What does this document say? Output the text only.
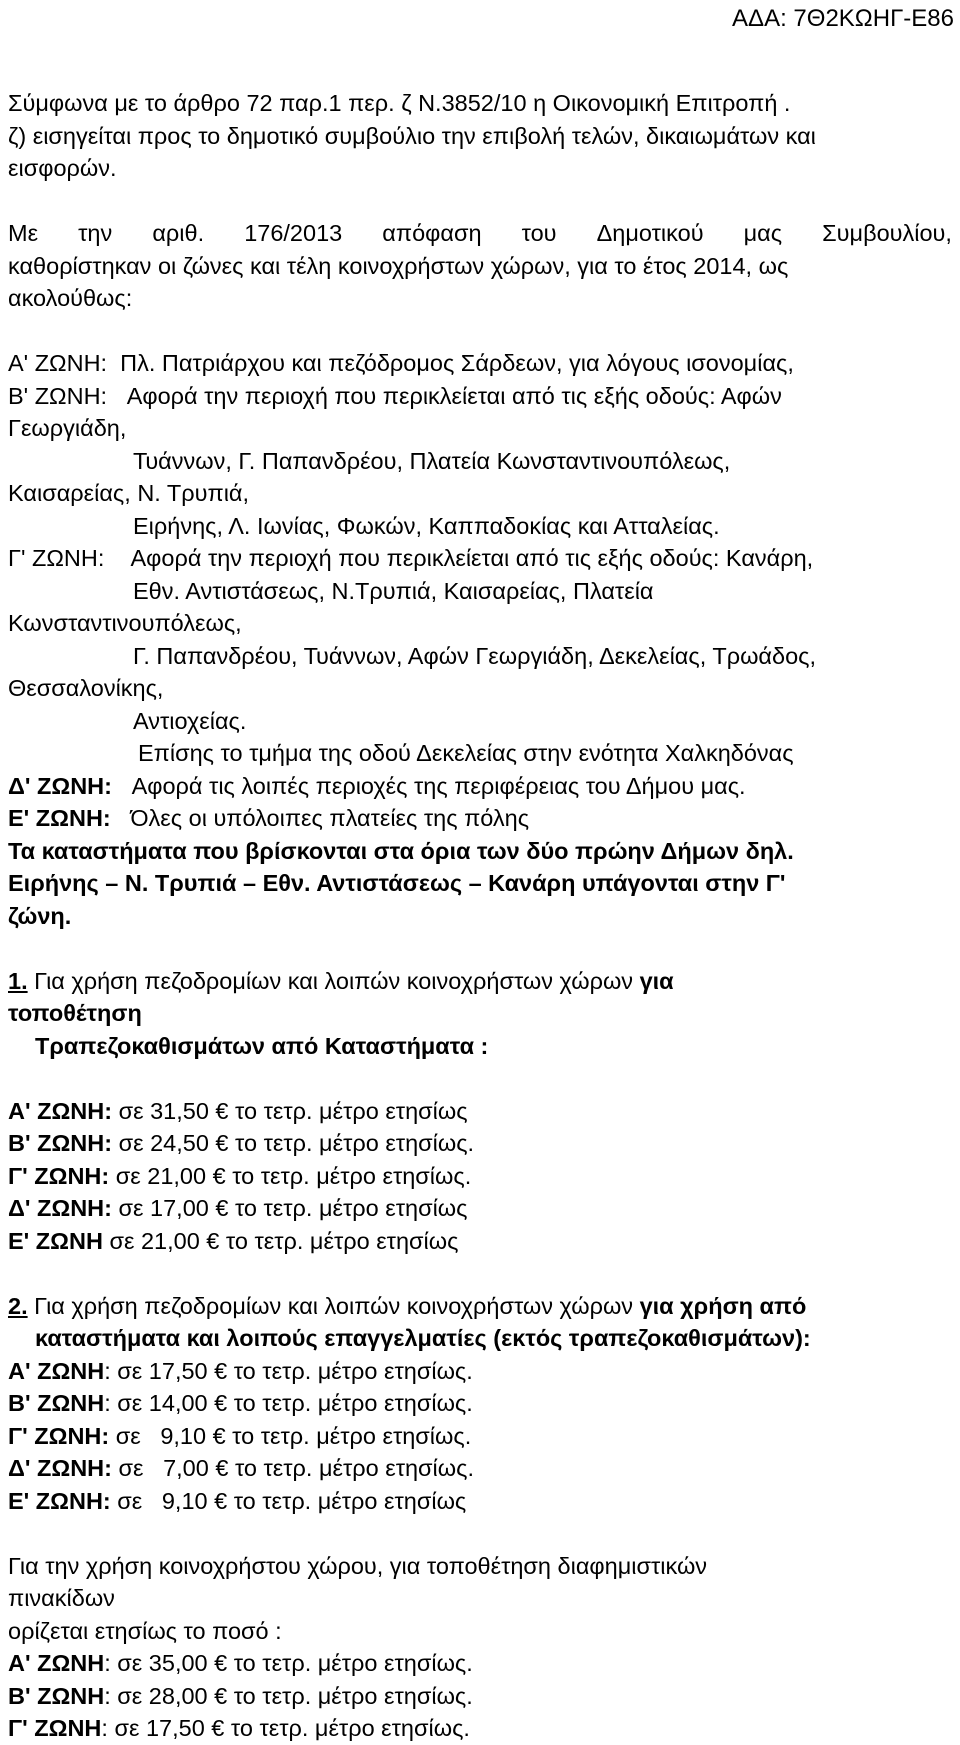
ΑΔΑ: 7Θ2ΚΩΗΓ-Ε86
Σύμφωνα με το άρθρο 72 παρ.1 περ. ζ Ν.3852/10 η Οικονομική Επιτροπή .
ζ) εισηγείται προς το δημοτικό συμβούλιο την επιβολή τελών, δικαιωμάτων και
εισφορών.
Με την αριθ. 176/2013 απόφαση του Δημοτικού μας Συμβουλίου,
καθορίστηκαν οι ζώνες και τέλη κοινοχρήστων χώρων, για το έτος 2014, ως
ακολούθως:
Α' ΖΩΝΗ: Πλ. Πατριάρχου και πεζόδρομος Σάρδεων, για λόγους ισονομίας,
Β' ΖΩΝΗ: Αφορά την περιοχή που περικλείεται από τις εξής οδούς: Αφών
Γεωργιάδη,
Τυάννων, Γ. Παπανδρέου, Πλατεία Κωνσταντινουπόλεως,
Καισαρείας, Ν. Τρυπιά,
Ειρήνης, Λ. Ιωνίας, Φωκών, Καππαδοκίας και Ατταλείας.
Γ' ΖΩΝΗ: Αφορά την περιοχή που περικλείεται από τις εξής οδούς: Κανάρη,
Εθν. Αντιστάσεως, Ν.Τρυπιά, Καισαρείας, Πλατεία
Κωνσταντινουπόλεως,
Γ. Παπανδρέου, Τυάννων, Αφών Γεωργιάδη, Δεκελείας, Τρωάδος,
Θεσσαλονίκης,
Αντιοχείας.
Επίσης το τμήμα της οδού Δεκελείας στην ενότητα Χαλκηδόνας
Δ' ΖΩΝΗ: Αφορά τις λοιπές περιοχές της περιφέρειας του Δήμου μας.
Ε' ΖΩΝΗ: Όλες οι υπόλοιπες πλατείες της πόλης
Τα καταστήματα που βρίσκονται στα όρια των δύο πρώην Δήμων δηλ.
Ειρήνης – Ν. Τρυπιά – Εθν. Αντιστάσεως – Κανάρη υπάγονται στην Γ'
ζώνη.
1. Για χρήση πεζοδρομίων και λοιπών κοινοχρήστων χώρων για
τοποθέτηση
Τραπεζοκαθισμάτων από Καταστήματα :
Α' ΖΩΝΗ: σε 31,50 € το τετρ. μέτρο ετησίως
Β' ΖΩΝΗ: σε 24,50 € το τετρ. μέτρο ετησίως.
Γ' ΖΩΝΗ: σε 21,00 € το τετρ. μέτρο ετησίως.
Δ' ΖΩΝΗ: σε 17,00 € το τετρ. μέτρο ετησίως
Ε' ΖΩΝΗ σε 21,00 € το τετρ. μέτρο ετησίως
2. Για χρήση πεζοδρομίων και λοιπών κοινοχρήστων χώρων για χρήση από
καταστήματα και λοιπούς επαγγελματίες (εκτός τραπεζοκαθισμάτων):
Α' ΖΩΝΗ: σε 17,50 € το τετρ. μέτρο ετησίως.
Β' ΖΩΝΗ: σε 14,00 € το τετρ. μέτρο ετησίως.
Γ' ΖΩΝΗ: σε   9,10 € το τετρ. μέτρο ετησίως.
Δ' ΖΩΝΗ: σε   7,00 € το τετρ. μέτρο ετησίως.
Ε' ΖΩΝΗ: σε   9,10 € το τετρ. μέτρο ετησίως
Για την χρήση κοινοχρήστου χώρου, για τοποθέτηση διαφημιστικών
πινακίδων
ορίζεται ετησίως το ποσό :
Α' ΖΩΝΗ: σε 35,00 € το τετρ. μέτρο ετησίως.
Β' ΖΩΝΗ: σε 28,00 € το τετρ. μέτρο ετησίως.
Γ' ΖΩΝΗ: σε 17,50 € το τετρ. μέτρο ετησίως.
